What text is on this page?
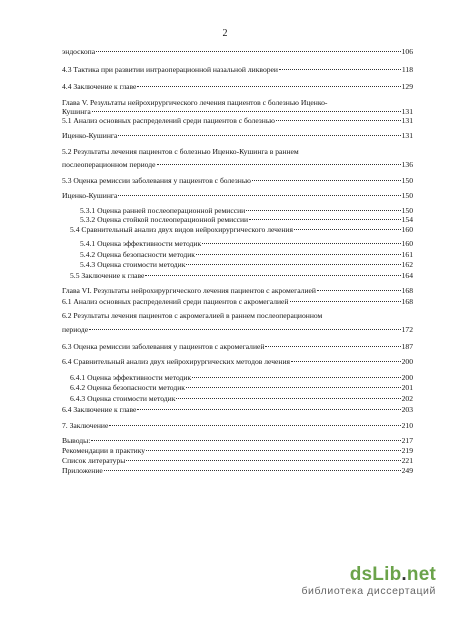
2
эндоскопа	106
4.3 Тактика при развитии интраоперационной назальной ликвореи	118
4.4 Заключение к главе	129
Глава V. Результаты нейрохирургического лечения пациентов с болезнью Иценко-
Кушинга	131
5.1 Анализ основных распределений среди пациентов с болезнью	131
Иценко-Кушинга	131
5.2 Результаты лечения пациентов с болезнью Иценко-Кушинга в раннем
послеоперационном периоде	136
5.3 Оценка ремиссии заболевания у пациентов с болезнью	150
Иценко-Кушинга	150
5.3.1 Оценка ранней послеоперационной ремиссии	150
5.3.2 Оценка стойкой послеоперационной ремиссии	154
5.4 Сравнительный анализ двух видов нейрохирургического лечения	160
5.4.1 Оценка эффективности методик	160
5.4.2 Оценка безопасности методик	161
5.4.3 Оценка стоимости методик	162
5.5 Заключение к главе	164
Глава VI. Результаты нейрохирургического лечения пациентов с акромегалией	168
6.1 Анализ основных распределений среди пациентов с акромегалией	168
6.2 Результаты лечения пациентов с акромегалией в раннем послеоперационном
периоде	172
6.3 Оценка ремиссии заболевания у пациентов с акромегалией	187
6.4 Сравнительный анализ двух нейрохирургических методов лечения	200
6.4.1 Оценка эффективности методик	200
6.4.2 Оценка безопасности методик	201
6.4.3 Оценка стоимости методик	202
6.4 Заключение к главе	203
7. Заключение	210
Выводы:	217
Рекомендации в практику	219
Список литературы	221
Приложение	249
dsLib.net
библиотека диссертаций
